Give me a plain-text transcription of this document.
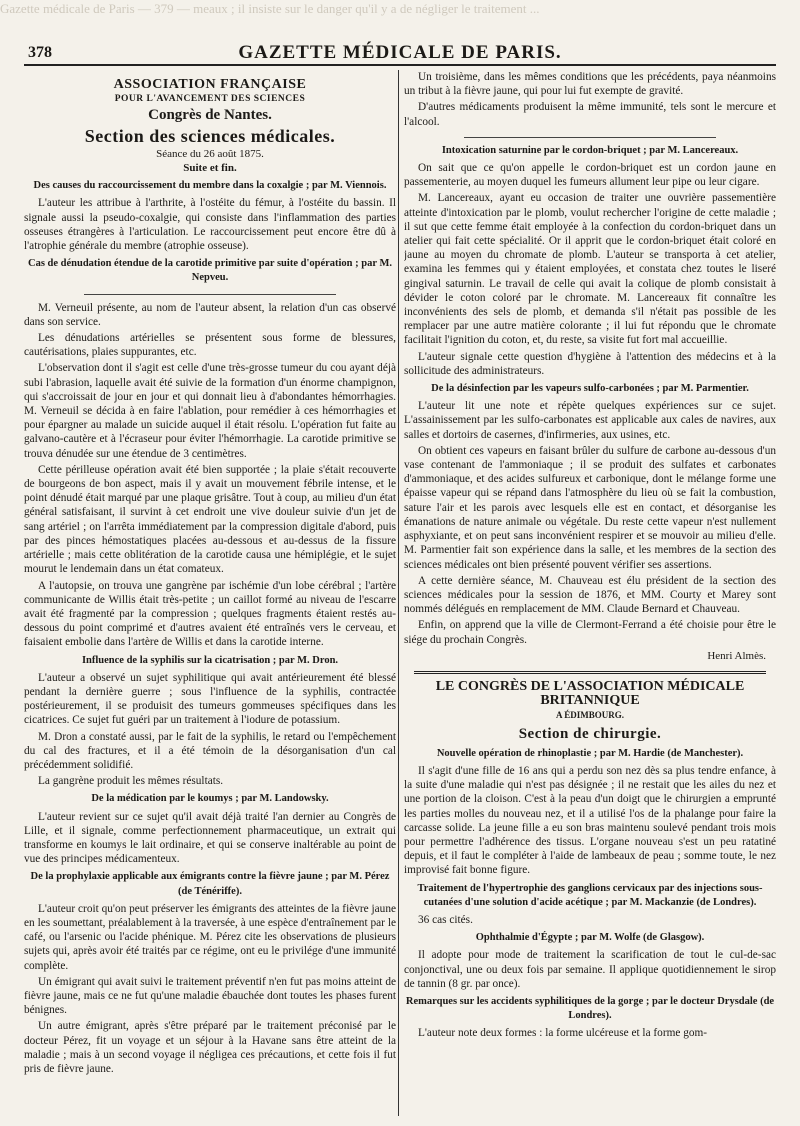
Gazette médicale de Paris — 379 — meaux ; il insiste sur le danger qu'il y a de négliger le traitement ...
378	GAZETTE MÉDICALE DE PARIS.
ASSOCIATION FRANÇAISE
POUR L'AVANCEMENT DES SCIENCES
Congrès de Nantes.
Section des sciences médicales.
Séance du 26 août 1875.
Suite et fin.
Des causes du raccourcissement du membre dans la coxalgie ; par M. Viennois.

L'auteur les attribue à l'arthrite, à l'ostéite du fémur, à l'ostéite du bassin. Il signale aussi la pseudo-coxalgie, qui consiste dans l'inflammation des parties osseuses étrangères à l'articulation. Le raccourcissement peut encore être dû à l'atrophie générale du membre (atrophie osseuse).

Cas de dénudation étendue de la carotide primitive par suite d'opération ; par M. Nepveu.

M. Verneuil présente, au nom de l'auteur absent, la relation d'un cas observé dans son service.

Les dénudations artérielles se présentent sous forme de blessures, cautérisations, plaies suppurantes, etc.

L'observation dont il s'agit est celle d'une très-grosse tumeur du cou ayant déjà subi l'abrasion, laquelle avait été suivie de la formation d'un énorme champignon, qui s'accroissait de jour en jour et qui donnait lieu à d'abondantes hémorrhagies. M. Verneuil se décida à en faire l'ablation, pour remédier à ces hémorrhagies et pour épargner au malade un suicide auquel il était résolu. L'opération fut faite au galvano-cautère et à l'écraseur pour éviter l'hémorrhagie. La carotide primitive se trouva dénudée sur une étendue de 3 centimètres.

Cette périlleuse opération avait été bien supportée ; la plaie s'était recouverte de bourgeons de bon aspect, mais il y avait un mouvement fébrile intense, et le point dénudé était marqué par une plaque grisâtre. Tout à coup, au milieu d'un état général satisfaisant, il survint à cet endroit une vive douleur suivie d'un jet de sang artériel ; on l'arrêta immédiatement par la compression digitale d'abord, puis par des pinces hémostatiques placées au-dessous et au-dessus de la fissure artérielle ; mais cette oblitération de la carotide causa une hémiplégie, et le sujet mourut le lendemain dans un état comateux.

A l'autopsie, on trouva une gangrène par ischémie d'un lobe cérébral ; l'artère communicante de Willis était très-petite ; un caillot formé au niveau de l'escarre avait été fragmenté par la compression ; quelques fragments étaient restés au-dessous du point comprimé et d'autres avaient été entraînés vers le cerveau, et faisaient embolie dans l'artère de Willis et dans la carotide interne.

Influence de la syphilis sur la cicatrisation ; par M. Dron.

L'auteur a observé un sujet syphilitique qui avait antérieurement été blessé pendant la dernière guerre ; sous l'influence de la syphilis, contractée postérieurement, il se produisit des tumeurs gommeuses spécifiques dans les cicatrices. Ce sujet fut guéri par un traitement à l'iodure de potassium.

M. Dron a constaté aussi, par le fait de la syphilis, le retard ou l'empêchement du cal des fractures, et il a été témoin de la désorganisation d'un cal précédemment solidifié.

La gangrène produit les mêmes résultats.

De la médication par le koumys ; par M. Landowsky.

L'auteur revient sur ce sujet qu'il avait déjà traité l'an dernier au Congrès de Lille, et il signale, comme perfectionnement pharmaceutique, un extrait qui transforme en koumys le lait ordinaire, et qui se conserve inaltérable au point de vue des principes médicamenteux.

De la prophylaxie applicable aux émigrants contre la fièvre jaune ; par M. Pérez (de Ténériffe).

L'auteur croit qu'on peut préserver les émigrants des atteintes de la fièvre jaune en les soumettant, préalablement à la traversée, à une espèce d'entraînement par le café, ou l'arsenic ou l'acide phénique. M. Pérez cite les observations de plusieurs sujets qui, après avoir été traités par ce régime, ont eu le privilége d'une immunité complète.

Un émigrant qui avait suivi le traitement préventif n'en fut pas moins atteint de fièvre jaune, mais ce ne fut qu'une maladie ébauchée dont toutes les phases furent bénignes.

Un autre émigrant, après s'être préparé par le traitement préconisé par le docteur Pérez, fit un voyage et un séjour à la Havane sans être atteint de la maladie ; mais à un second voyage il négligea ces précautions, et cette fois il fut pris de fièvre jaune.

Un troisième, dans les mêmes conditions que les précédents, paya néanmoins un tribut à la fièvre jaune, qui pour lui fut exempte de gravité.

D'autres médicaments produisent la même immunité, tels sont le mercure et l'alcool.

Intoxication saturnine par le cordon-briquet ; par M. Lancereaux.

On sait que ce qu'on appelle le cordon-briquet est un cordon jaune en passementerie, au moyen duquel les fumeurs allument leur pipe ou leur cigare.

M. Lancereaux, ayant eu occasion de traiter une ouvrière passementière atteinte d'intoxication par le plomb, voulut rechercher l'origine de cette maladie ; il sut que cette femme était employée à la confection du cordon-briquet dans un atelier qui fait cette spécialité. Or il apprit que le cordon-briquet était coloré en jaune au moyen du chromate de plomb. L'auteur se transporta à cet atelier, examina les femmes qui y étaient employées, et constata chez toutes le liseré gingival saturnin. Le travail de celle qui avait la colique de plomb consistait à dévider le coton coloré par le chromate. M. Lancereaux fit connaître les inconvénients des sels de plomb, et demanda s'il n'était pas possible de les remplacer par une autre matière colorante ; il lui fut répondu que le chromate facilitait l'ignition du coton, et, du reste, sa visite fut fort mal accueillie.

L'auteur signale cette question d'hygiène à l'attention des médecins et à la sollicitude des administrateurs.

De la désinfection par les vapeurs sulfo-carbonées ; par M. Parmentier.

L'auteur lit une note et répète quelques expériences sur ce sujet. L'assainissement par les sulfo-carbonates est applicable aux cales de navires, aux salles et dortoirs de casernes, d'infirmeries, aux usines, etc.

On obtient ces vapeurs en faisant brûler du sulfure de carbone au-dessous d'un vase contenant de l'ammoniaque ; il se produit des sulfates et carbonates d'ammoniaque, et des acides sulfureux et carbonique, dont le mélange forme une épaisse vapeur qui se répand dans l'atmosphère du lieu où se fait la combustion, sature l'air et les parois avec lesquels elle est en contact, et désorganise les émanations de nature animale ou végétale. Du reste cette vapeur n'est nullement asphyxiante, et on peut sans inconvénient respirer et se mouvoir au milieu d'elle. M. Parmentier fait son expérience dans la salle, et les membres de la section des sciences médicales ont bien présenté pouvent vérifier ses assertions.

A cette dernière séance, M. Chauveau est élu président de la section des sciences médicales pour la session de 1876, et MM. Courty et Marey sont nommés délégués en remplacement de MM. Claude Bernard et Chauveau.

Enfin, on apprend que la ville de Clermont-Ferrand a été choisie pour être le siége du prochain Congrès.

Henri Almès.
LE CONGRÈS DE L'ASSOCIATION MÉDICALE BRITANNIQUE
A ÉDIMBOURG.
Section de chirurgie.
Nouvelle opération de rhinoplastie ; par M. Hardie (de Manchester).

Il s'agit d'une fille de 16 ans qui a perdu son nez dès sa plus tendre enfance, à la suite d'une maladie qui n'est pas désignée ; il ne restait que les ailes du nez et une portion de la cloison. C'est à la peau d'un doigt que le chirurgien a emprunté les parties molles du nouveau nez, et il a utilisé l'os de la phalange pour faire la carcasse solide. La jeune fille a eu son bras maintenu soulevé pendant trois mois pour permettre l'adhérence des tissus. L'organe nouveau s'est un peu ratatiné depuis, et il faut le compléter à l'aide de lambeaux de peau ; somme toute, le nez improvisé fait bonne figure.

Traitement de l'hypertrophie des ganglions cervicaux par des injections sous-cutanées d'une solution d'acide acétique ; par M. Mackanzie (de Londres).

36 cas cités.

Ophthalmie d'Égypte ; par M. Wolfe (de Glasgow).

Il adopte pour mode de traitement la scarification de tout le cul-de-sac conjonctival, une ou deux fois par semaine. Il applique quotidiennement le sirop de tannin (8 gr. par once).

Remarques sur les accidents syphilitiques de la gorge ; par le docteur Drysdale (de Londres).

L'auteur note deux formes : la forme ulcéreuse et la forme gom-
